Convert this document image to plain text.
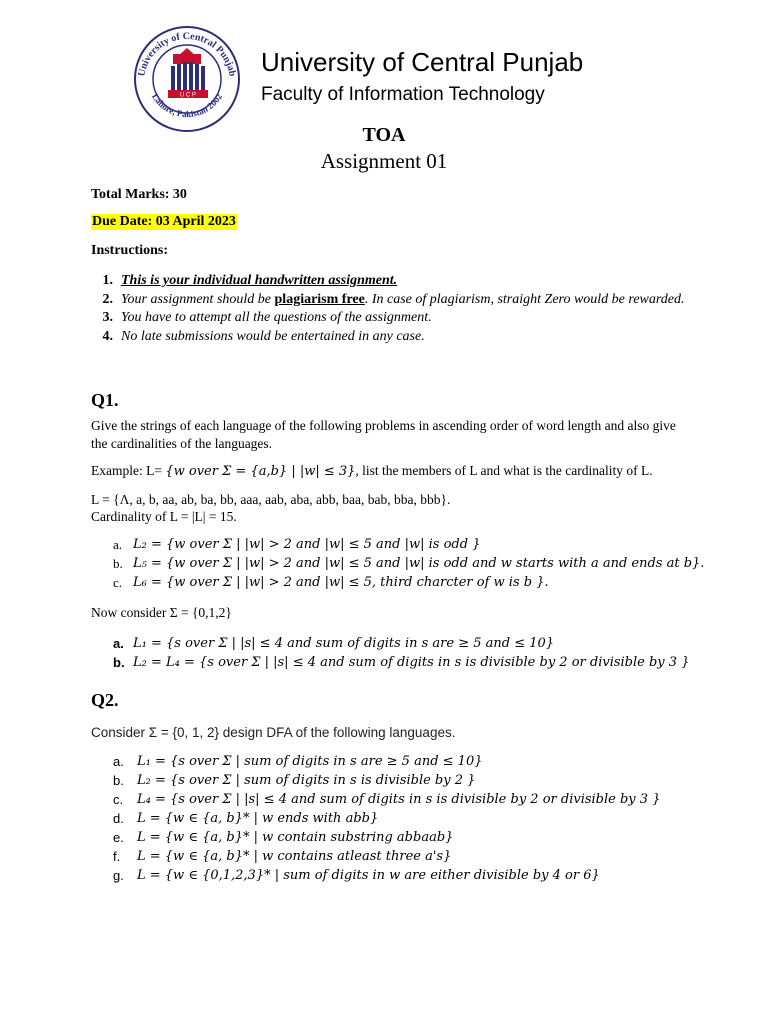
University of Central Punjab
Lahore, Pakistan 2002
U C P
University of Central Punjab
Faculty of Information Technology
TOA
Assignment 01
Total Marks: 30
Due Date: 03 April 2023
Instructions:
1. This is your individual handwritten assignment.
2. Your assignment should be plagiarism free. In case of plagiarism, straight Zero would be rewarded.
3. You have to attempt all the questions of the assignment.
4. No late submissions would be entertained in any case.
Q1.
Give the strings of each language of the following problems in ascending order of word length and also give the cardinalities of the languages.
Example: L= {w over Σ = {a,b} | |w| ≤ 3}, list the members of L and what is the cardinality of L.
L = {Λ, a, b, aa, ab, ba, bb, aaa, aab, aba, abb, baa, bab, bba, bbb}.
Cardinality of L = |L| = 15.
a. L₂ = {w over Σ | |w| > 2 and |w| ≤ 5 and |w| is odd }
b. L₅ = {w over Σ | |w| > 2 and |w| ≤ 5 and |w| is odd and w starts with a and ends at b}.
c. L₆ = {w over Σ | |w| > 2 and |w| ≤ 5, third charcter of w is b }.
Now consider Σ = {0,1,2}
a. L₁ = {s over Σ | |s| ≤ 4 and sum of digits in s are ≥ 5 and ≤ 10}
b. L₂ = L₄ = {s over Σ | |s| ≤ 4 and sum of digits in s is divisible by 2 or divisible by 3 }
Q2.
Consider Σ = {0, 1, 2} design DFA of the following languages.
a.	L₁ = {s over Σ | sum of digits in s are ≥ 5 and ≤ 10}
b.	L₂ = {s over Σ | sum of digits in s is divisible by 2 }
c.	L₄ = {s over Σ | |s| ≤ 4 and sum of digits in s is divisible by 2 or divisible by 3 }
d.	L = {w ∈ {a, b}* | w ends with abb}
e.	L = {w ∈ {a, b}* | w contain substring abbaab}
f.	L = {w ∈ {a, b}* | w contains atleast three a's}
g.	L = {w ∈ {0,1,2,3}* | sum of digits in w are either divisible by 4 or 6}
